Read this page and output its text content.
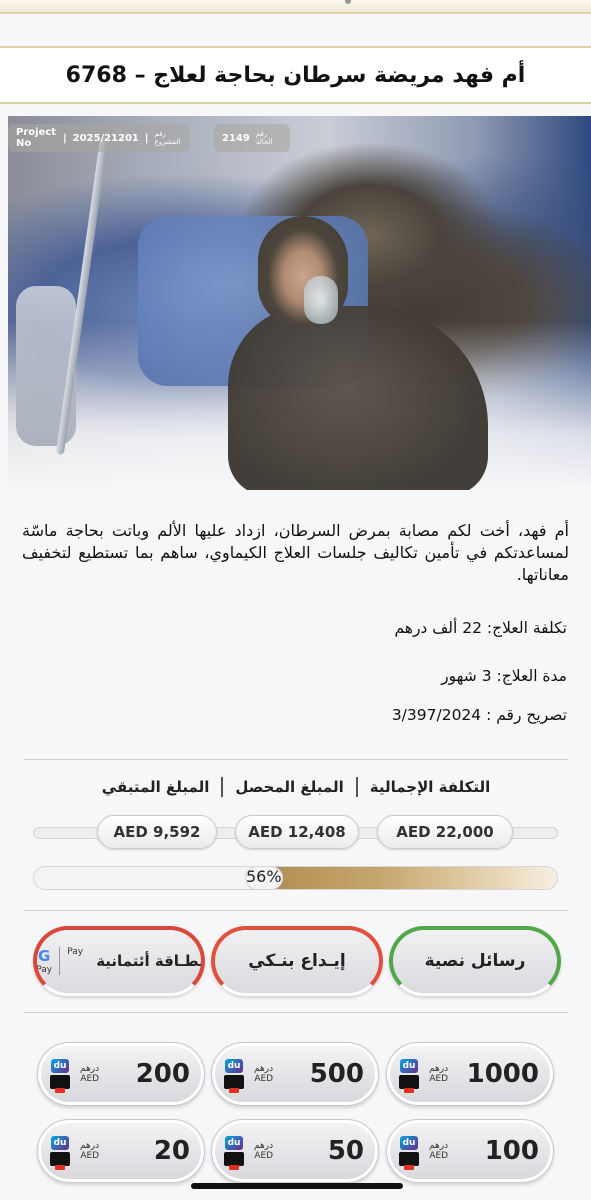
أم فهد مريضة سرطان بحاجة لعلاج – 6768
Project No	| 2025/21201 | رقم المشروع	2149 رقم الحالة

أم فهد، أخت لكم مصابة بمرض السرطان، ازداد عليها الألم وباتت بحاجة ماسّة لمساعدتكم في تأمين تكاليف جلسات العلاج الكيماوي، ساهم بما تستطيع لتخفيف معاناتها.

تكلفة العلاج: 22 ألف درهم

مدة العلاج: 3 شهور

تصريح رقم : 3/397/2024

التكلفة الإجمالية
المبلغ المحصل
المبلغ المتبقي
AED 22,000
AED 12,408
AED 9,592
56%
رسائل نصية
إيـداع بنـكي
بطـاقة أئتمانية
G
Pay
Pay
du درهم
AED 1000
du درهم
AED 500
du درهم
AED 200
du درهم
AED 100
du درهم
AED 50
du درهم
AED 20
